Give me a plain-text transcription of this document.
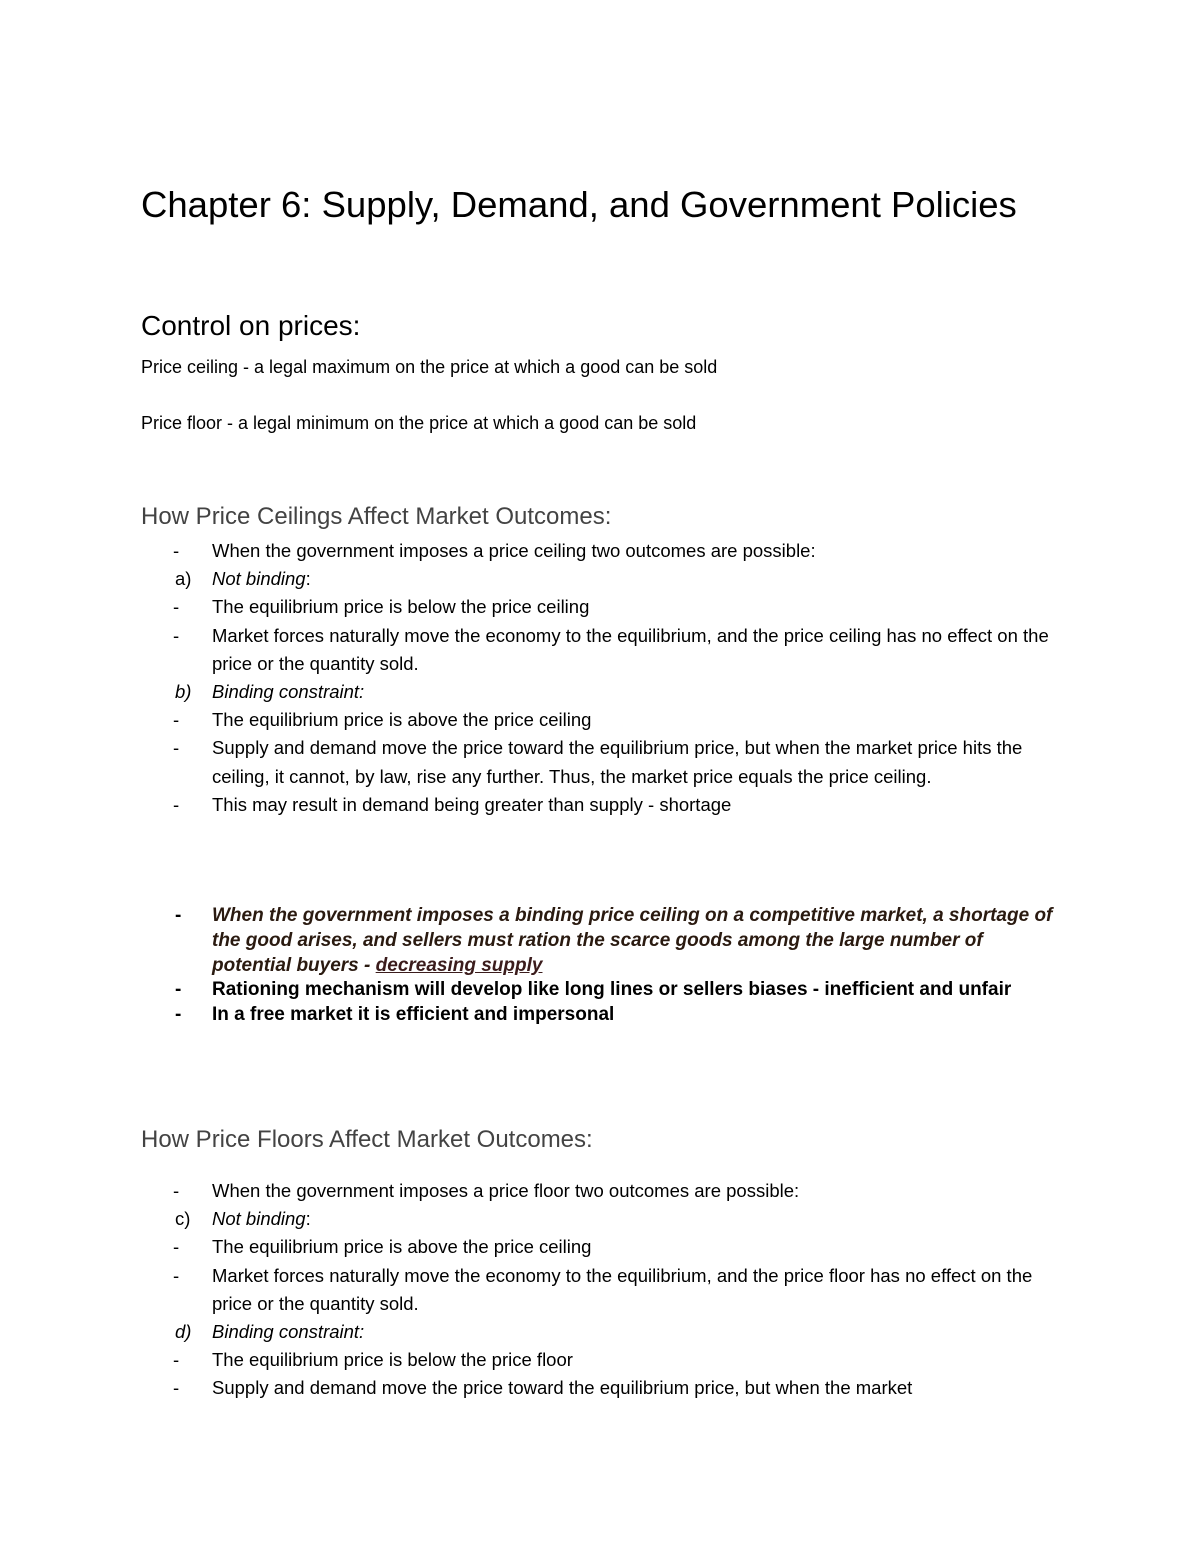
Chapter 6: Supply, Demand, and Government Policies
Control on prices:

Price ceiling - a legal maximum on the price at which a good can be sold

Price floor - a legal minimum on the price at which a good can be sold

How Price Ceilings Affect Market Outcomes:
-	When the government imposes a price ceiling two outcomes are possible:
a)	Not binding:
-	The equilibrium price is below the price ceiling
-	Market forces naturally move the economy to the equilibrium, and the price ceiling has no effect on the price or the quantity sold.
b)	Binding constraint:
-	The equilibrium price is above the price ceiling
-	Supply and demand move the price toward the equilibrium price, but when the market price hits the ceiling, it cannot, by law, rise any further. Thus, the market price equals the price ceiling.
-	This may result in demand being greater than supply - shortage
- When the government imposes a binding price ceiling on a competitive market, a shortage of the good arises, and sellers must ration the scarce goods among the large number of potential buyers - decreasing supply
- Rationing mechanism will develop like long lines or sellers biases - inefficient and unfair
- In a free market it is efficient and impersonal
How Price Floors Affect Market Outcomes:
-	When the government imposes a price floor two outcomes are possible:
c)	Not binding:
-	The equilibrium price is above the price ceiling
-	Market forces naturally move the economy to the equilibrium, and the price floor has no effect on the price or the quantity sold.
d)	Binding constraint:
-	The equilibrium price is below the price floor
-	Supply and demand move the price toward the equilibrium price, but when the market
